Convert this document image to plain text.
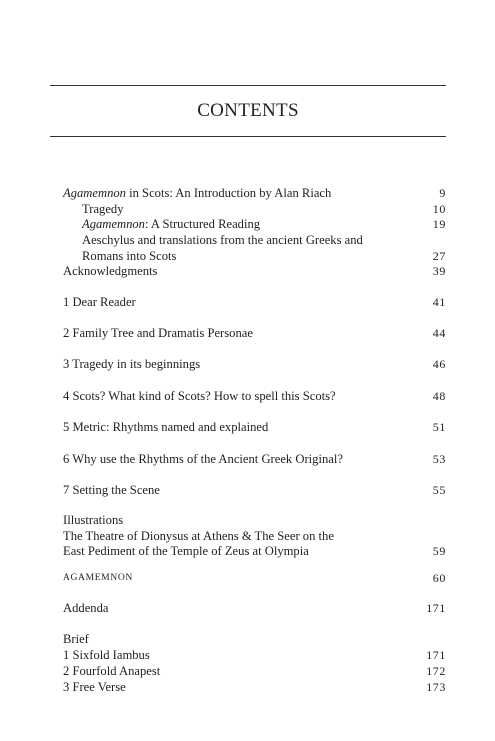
CONTENTS
Agamemnon in Scots: An Introduction by Alan Riach	9
Tragedy	10
Agamemnon: A Structured Reading	19
Aeschylus and translations from the ancient Greeks and
Romans into Scots	27
Acknowledgments	39
1 Dear Reader	41
2 Family Tree and Dramatis Personae	44
3 Tragedy in its beginnings	46
4 Scots? What kind of Scots? How to spell this Scots?	48
5 Metric: Rhythms named and explained	51
6 Why use the Rhythms of the Ancient Greek Original?	53
7 Setting the Scene	55
Illustrations
The Theatre of Dionysus at Athens & The Seer on the
East Pediment of the Temple of Zeus at Olympia	59
AGAMEMNON	60
Addenda	171
Brief
1 Sixfold Iambus	171
2 Fourfold Anapest	172
3 Free Verse	173
